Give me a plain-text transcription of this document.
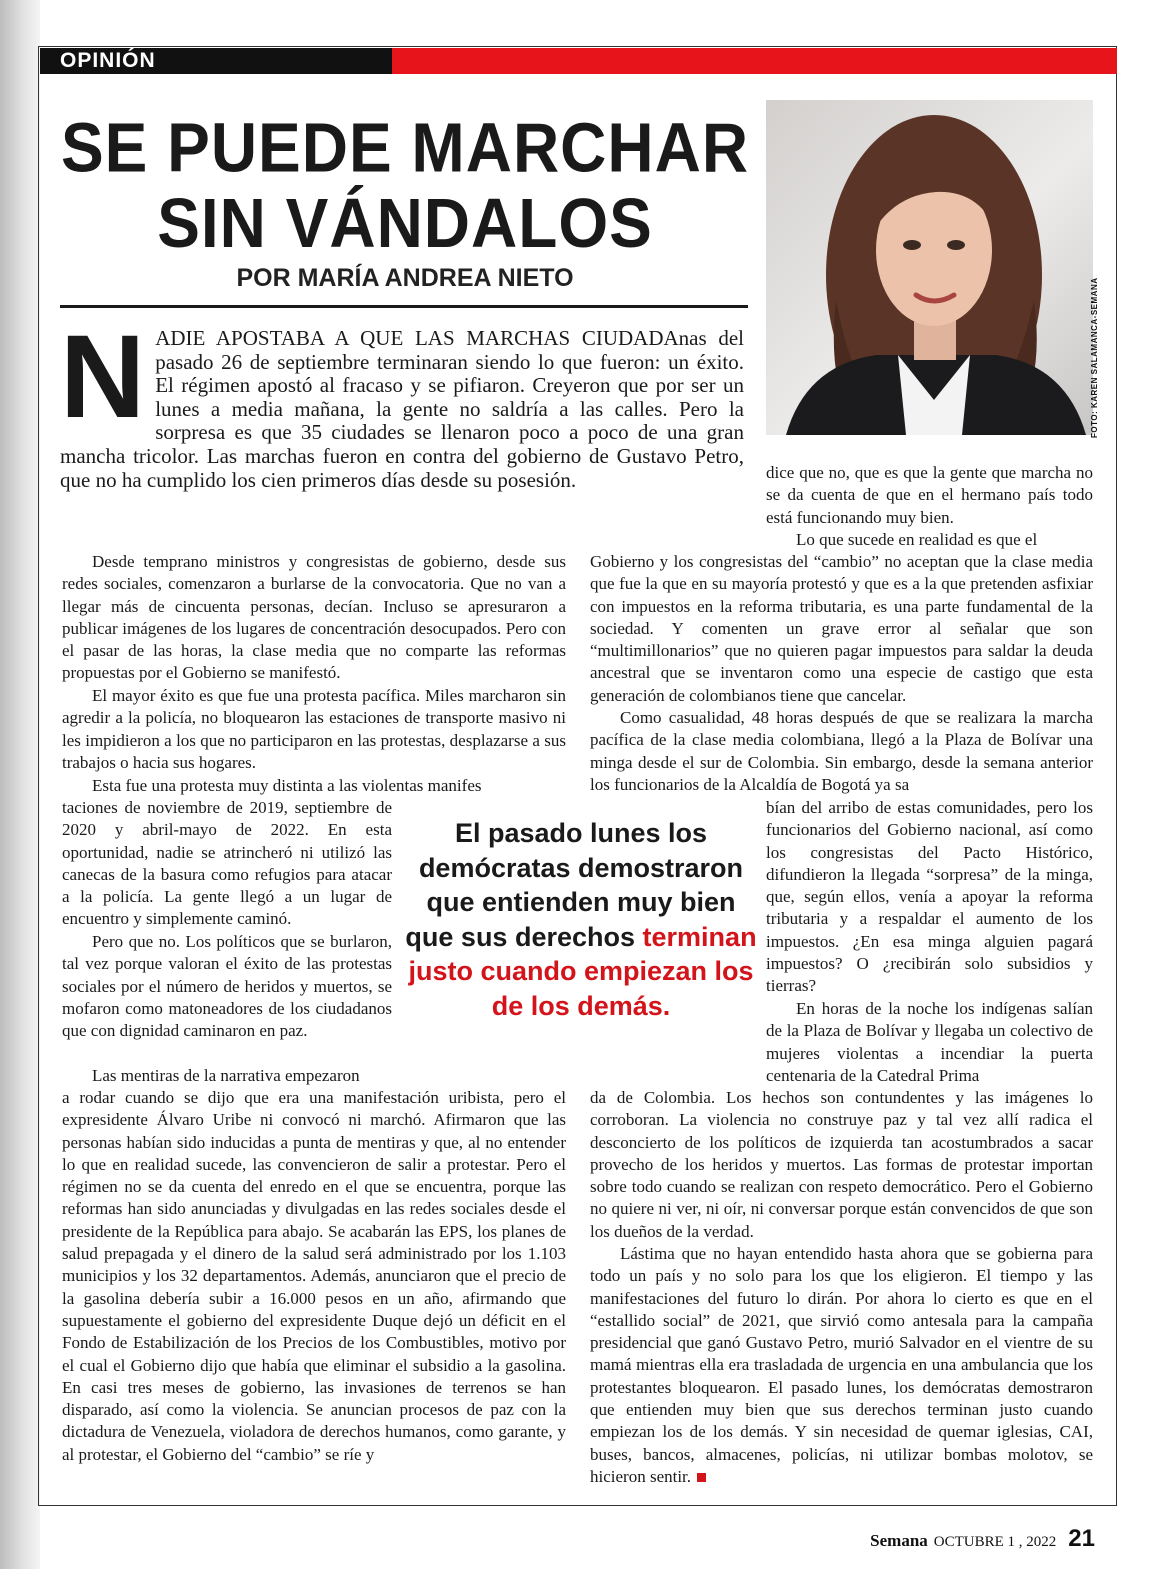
OPINIÓN
SE PUEDE MARCHAR SIN VÁNDALOS
POR MARÍA ANDREA NIETO	FOTO: KAREN SALAMANCA-SEMANA
NADIE APOSTABA A QUE LAS MARCHAS CIUDADAnas del pasado 26 de septiembre terminaran siendo lo que fueron: un éxito. El régimen apostó al fracaso y se pifiaron. Creyeron que por ser un lunes a media mañana, la gente no saldría a las calles. Pero la sorpresa es que 35 ciudades se llenaron poco a poco de una gran mancha tricolor. Las marchas fueron en contra del gobierno de Gustavo Petro, que no ha cumplido los cien primeros días desde su posesión.

Desde temprano ministros y congresistas de gobierno, desde sus redes sociales, comenzaron a burlarse de la convocatoria. Que no van a llegar más de cincuenta personas, decían. Incluso se apresuraron a publicar imágenes de los lugares de concentración desocupados. Pero con el pasar de las horas, la clase media que no comparte las reformas propuestas por el Gobierno se manifestó.

El mayor éxito es que fue una protesta pacífica. Miles marcharon sin agredir a la policía, no bloquearon las estaciones de transporte masivo ni les impidieron a los que no participaron en las protestas, desplazarse a sus trabajos o hacia sus hogares.

Esta fue una protesta muy distinta a las violentas manifes

taciones de noviembre de 2019, septiembre de 2020 y abril-mayo de 2022. En esta oportunidad, nadie se atrincheró ni utilizó las canecas de la basura como refugios para atacar a la policía. La gente llegó a un lugar de encuentro y simplemente caminó.

Pero que no. Los políticos que se burlaron, tal vez porque valoran el éxito de las protestas sociales por el número de heridos y muertos, se mofaron como matoneadores de los ciudadanos que con dignidad caminaron en paz.

Las mentiras de la narrativa empezaron

a rodar cuando se dijo que era una manifestación uribista, pero el expresidente Álvaro Uribe ni convocó ni marchó. Afirmaron que las personas habían sido inducidas a punta de mentiras y que, al no entender lo que en realidad sucede, las convencieron de salir a protestar. Pero el régimen no se da cuenta del enredo en el que se encuentra, porque las reformas han sido anunciadas y divulgadas en las redes sociales desde el presidente de la República para abajo. Se acabarán las EPS, los planes de salud prepagada y el dinero de la salud será administrado por los 1.103 municipios y los 32 departamentos. Además, anunciaron que el precio de la gasolina debería subir a 16.000 pesos en un año, afirmando que supuestamente el gobierno del expresidente Duque dejó un déficit en el Fondo de Estabilización de los Precios de los Combustibles, motivo por el cual el Gobierno dijo que había que eliminar el subsidio a la gasolina. En casi tres meses de gobierno, las invasiones de terrenos se han disparado, así como la violencia. Se anuncian procesos de paz con la dictadura de Venezuela, violadora de derechos humanos, como garante, y al protestar, el Gobierno del “cambio” se ríe y

El pasado lunes los demócratas demostraron que entienden muy bien que sus derechos terminan justo cuando empiezan los de los demás.

dice que no, que es que la gente que marcha no se da cuenta de que en el hermano país todo está funcionando muy bien.

Lo que sucede en realidad es que el

Gobierno y los congresistas del “cambio” no aceptan que la clase media que fue la que en su mayoría protestó y que es a la que pretenden asfixiar con impuestos en la reforma tributaria, es una parte fundamental de la sociedad. Y comenten un grave error al señalar que son “multimillonarios” que no quieren pagar impuestos para saldar la deuda ancestral que se inventaron como una especie de castigo que esta generación de colombianos tiene que cancelar.

Como casualidad, 48 horas después de que se realizara la marcha pacífica de la clase media colombiana, llegó a la Plaza de Bolívar una minga desde el sur de Colombia. Sin embargo, desde la semana anterior los funcionarios de la Alcaldía de Bogotá ya sa

bían del arribo de estas comunidades, pero los funcionarios del Gobierno nacional, así como los congresistas del Pacto Histórico, difundieron la llegada “sorpresa” de la minga, que, según ellos, venía a apoyar la reforma tributaria y a respaldar el aumento de los impuestos. ¿En esa minga alguien pagará impuestos? O ¿recibirán solo subsidios y tierras?

En horas de la noche los indígenas salían de la Plaza de Bolívar y llegaba un colectivo de mujeres violentas a incendiar la puerta centenaria de la Catedral Prima

da de Colombia. Los hechos son contundentes y las imágenes lo corroboran. La violencia no construye paz y tal vez allí radica el desconcierto de los políticos de izquierda tan acostumbrados a sacar provecho de los heridos y muertos. Las formas de protestar importan sobre todo cuando se realizan con respeto democrático. Pero el Gobierno no quiere ni ver, ni oír, ni conversar porque están convencidos de que son los dueños de la verdad.

Lástima que no hayan entendido hasta ahora que se gobierna para todo un país y no solo para los que los eligieron. El tiempo y las manifestaciones del futuro lo dirán. Por ahora lo cierto es que en el “estallido social” de 2021, que sirvió como antesala para la campaña presidencial que ganó Gustavo Petro, murió Salvador en el vientre de su mamá mientras ella era trasladada de urgencia en una ambulancia que los protestantes bloquearon. El pasado lunes, los demócratas demostraron que entienden muy bien que sus derechos terminan justo cuando empiezan los de los demás. Y sin necesidad de quemar iglesias, CAI, buses, bancos, almacenes, policías, ni utilizar bombas molotov, se hicieron sentir.

Semana OCTUBRE 1 , 2022 21
